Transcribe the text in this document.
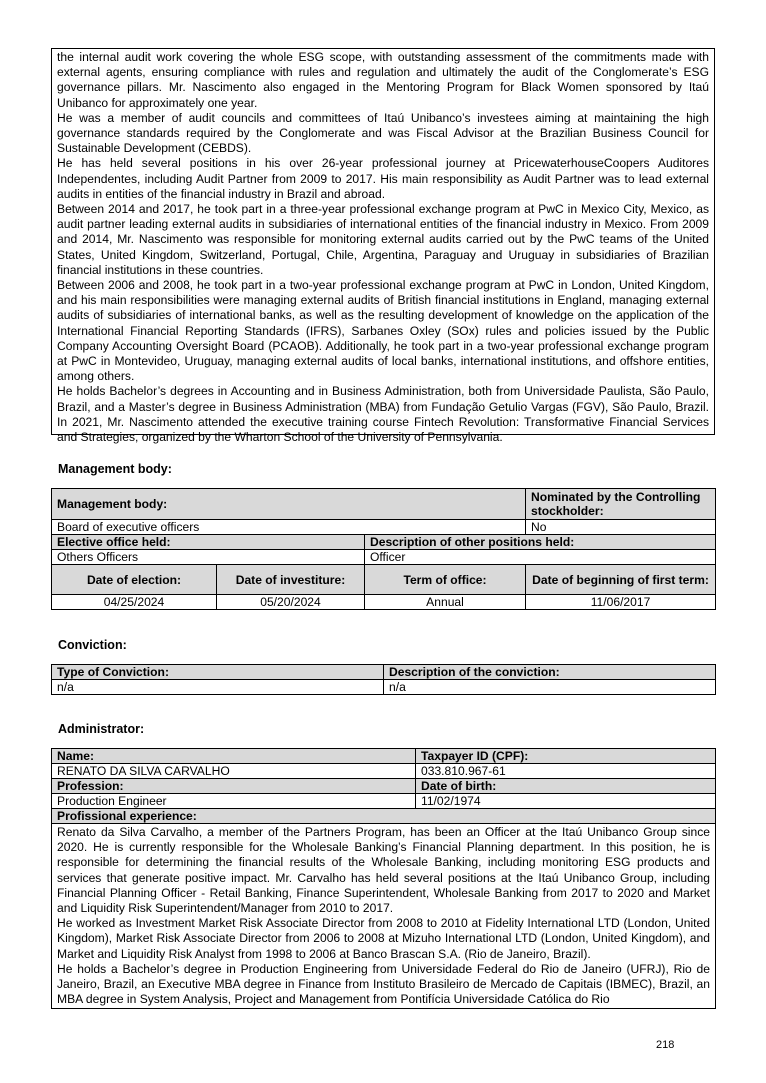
the internal audit work covering the whole ESG scope, with outstanding assessment of the commitments made with external agents, ensuring compliance with rules and regulation and ultimately the audit of the Conglomerate’s ESG governance pillars. Mr. Nascimento also engaged in the Mentoring Program for Black Women sponsored by Itaú Unibanco for approximately one year.

He was a member of audit councils and committees of Itaú Unibanco’s investees aiming at maintaining the high governance standards required by the Conglomerate and was Fiscal Advisor at the Brazilian Business Council for Sustainable Development (CEBDS).

He has held several positions in his over 26-year professional journey at PricewaterhouseCoopers Auditores Independentes, including Audit Partner from 2009 to 2017. His main responsibility as Audit Partner was to lead external audits in entities of the financial industry in Brazil and abroad.

Between 2014 and 2017, he took part in a three-year professional exchange program at PwC in Mexico City, Mexico, as audit partner leading external audits in subsidiaries of international entities of the financial industry in Mexico. From 2009 and 2014, Mr. Nascimento was responsible for monitoring external audits carried out by the PwC teams of the United States, United Kingdom, Switzerland, Portugal, Chile, Argentina, Paraguay and Uruguay in subsidiaries of Brazilian financial institutions in these countries.

Between 2006 and 2008, he took part in a two-year professional exchange program at PwC in London, United Kingdom, and his main responsibilities were managing external audits of British financial institutions in England, managing external audits of subsidiaries of international banks, as well as the resulting development of knowledge on the application of the International Financial Reporting Standards (IFRS), Sarbanes Oxley (SOx) rules and policies issued by the Public Company Accounting Oversight Board (PCAOB). Additionally, he took part in a two-year professional exchange program at PwC in Montevideo, Uruguay, managing external audits of local banks, international institutions, and offshore entities, among others.

He holds Bachelor’s degrees in Accounting and in Business Administration, both from Universidade Paulista, São Paulo, Brazil, and a Master’s degree in Business Administration (MBA) from Fundação Getulio Vargas (FGV), São Paulo, Brazil. In 2021, Mr. Nascimento attended the executive training course Fintech Revolution: Transformative Financial Services and Strategies, organized by the Wharton School of the University of Pennsylvania.

Management body:
Management body:			Nominated by the Controlling stockholder:
Board of executive officers			No
Elective office held:		Description of other positions held:	
Others Officers		Officer	
Date of election:	Date of investiture:	Term of office:	Date of beginning of first term:
04/25/2024	05/20/2024	Annual	11/06/2017
Conviction:
Type of Conviction:	Description of the conviction:
n/a	n/a
Administrator:
Name:	Taxpayer ID (CPF):
RENATO DA SILVA CARVALHO	033.810.967-61
Profession:	Date of birth:
Production Engineer	11/02/1974
Profissional experience:	

Renato da Silva Carvalho, a member of the Partners Program, has been an Officer at the Itaú Unibanco Group since 2020. He is currently responsible for the Wholesale Banking’s Financial Planning department. In this position, he is responsible for determining the financial results of the Wholesale Banking, including monitoring ESG products and services that generate positive impact. Mr. Carvalho has held several positions at the Itaú Unibanco Group, including Financial Planning Officer - Retail Banking, Finance Superintendent, Wholesale Banking from 2017 to 2020 and Market and Liquidity Risk Superintendent/Manager from 2010 to 2017.

He worked as Investment Market Risk Associate Director from 2008 to 2010 at Fidelity International LTD (London, United Kingdom), Market Risk Associate Director from 2006 to 2008 at Mizuho International LTD (London, United Kingdom), and Market and Liquidity Risk Analyst from 1998 to 2006 at Banco Brascan S.A. (Rio de Janeiro, Brazil).

He holds a Bachelor’s degree in Production Engineering from Universidade Federal do Rio de Janeiro (UFRJ), Rio de Janeiro, Brazil, an Executive MBA degree in Finance from Instituto Brasileiro de Mercado de Capitais (IBMEC), Brazil, an MBA degree in System Analysis, Project and Management from Pontifícia Universidade Católica do Rio	

218
